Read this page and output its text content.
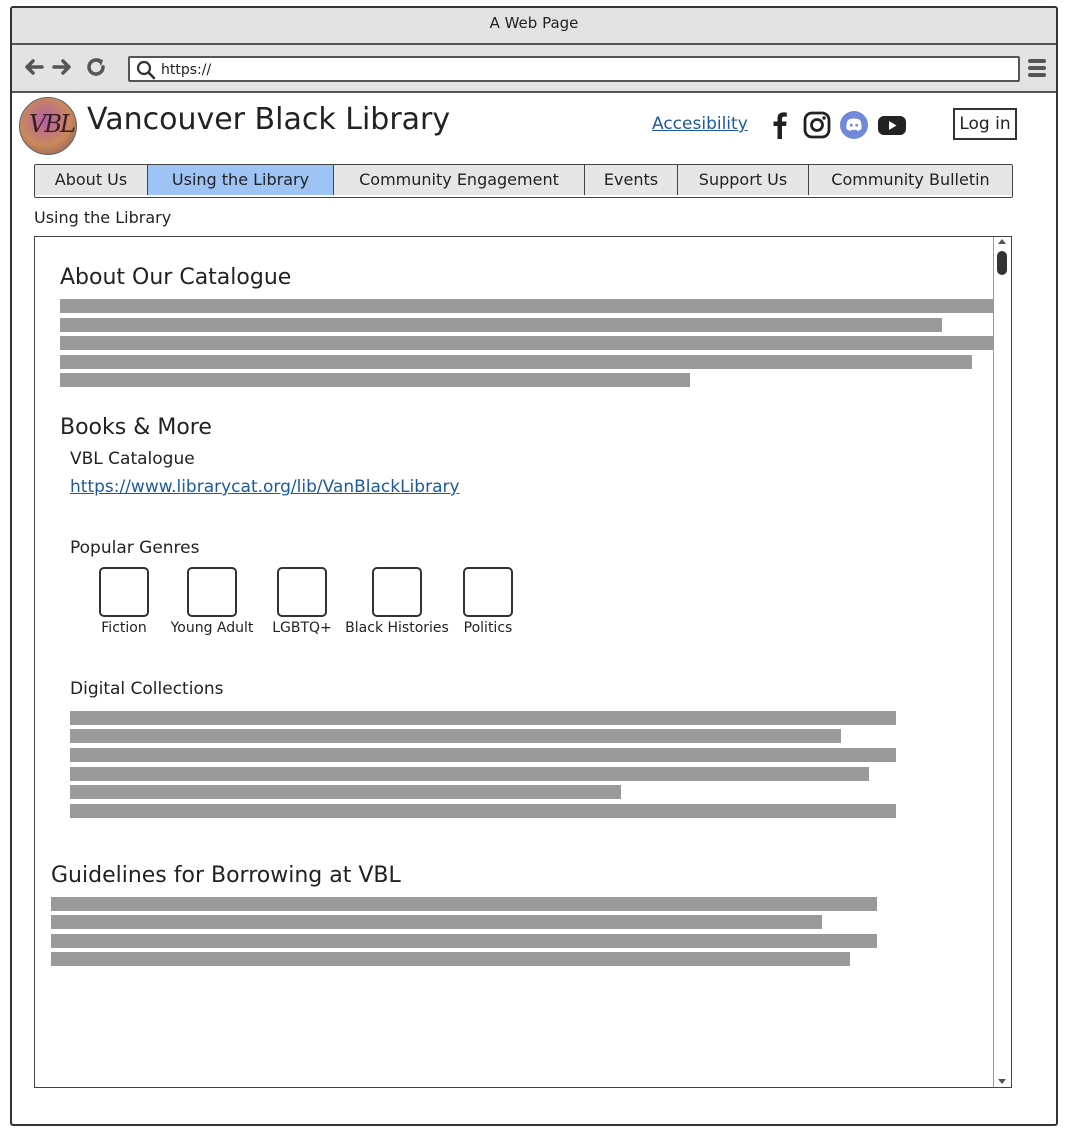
A Web Page
https://
VBL Vancouver Black Library	Accesibility	Log in
About Us	Using the Library	Community Engagement	Events	Support Us	Community Bulletin
Using the Library
About Our Catalogue
Books & More
VBL Catalogue
https://www.librarycat.org/lib/VanBlackLibrary
Popular Genres
Fiction	Young Adult LGBTQ+ Black Histories	Politics
Digital Collections
Guidelines for Borrowing at VBL
